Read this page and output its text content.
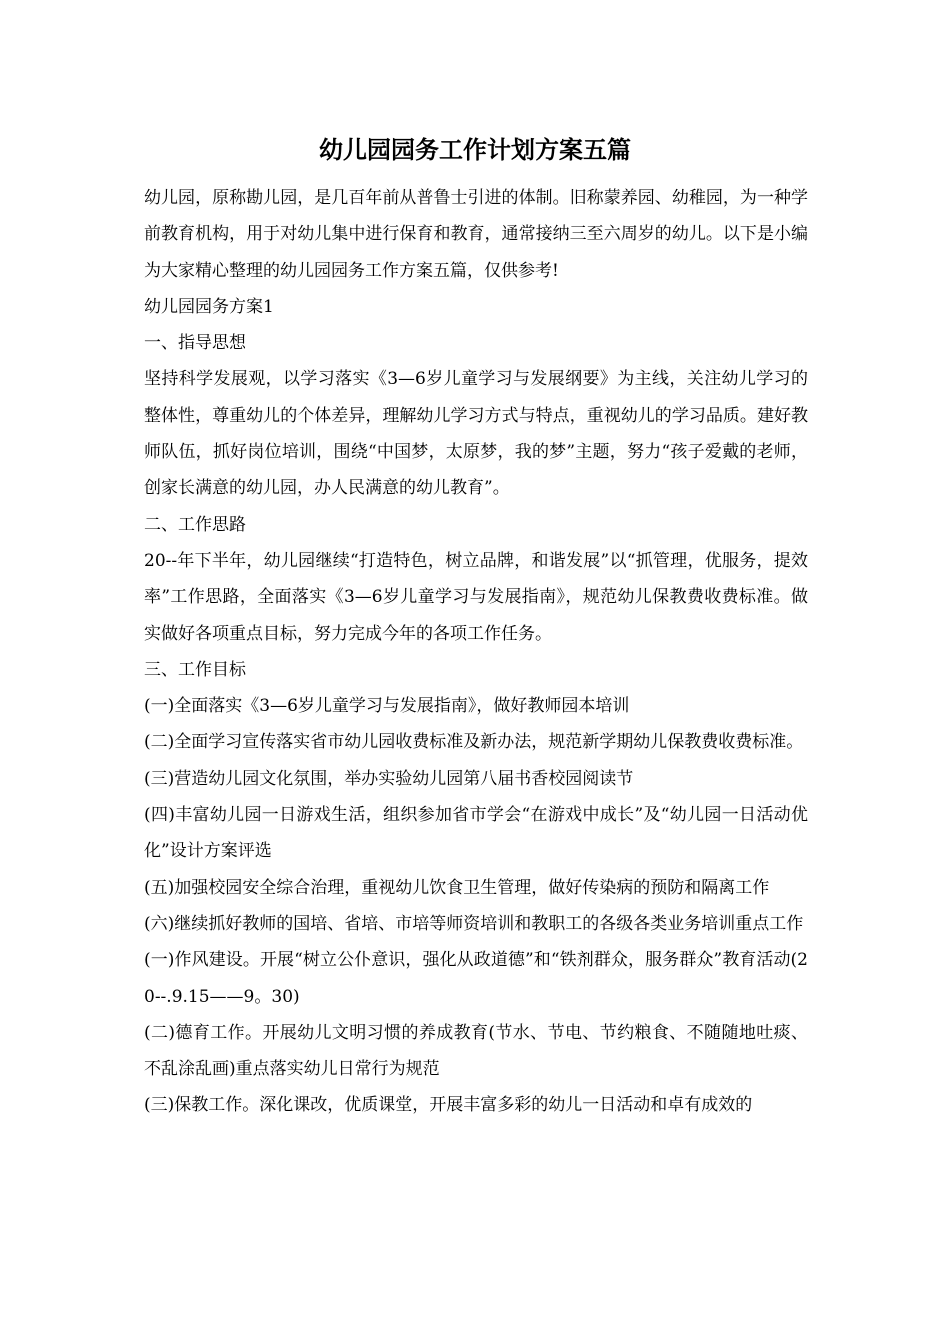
幼儿园园务工作计划方案五篇

幼儿园，原称勘儿园，是几百年前从普鲁士引进的体制。旧称蒙养园、幼稚园，为一种学前教育机构，用于对幼儿集中进行保育和教育，通常接纳三至六周岁的幼儿。以下是小编为大家精心整理的幼儿园园务工作方案五篇，仅供参考!

幼儿园园务方案1

一、指导思想

坚持科学发展观，以学习落实《3—6岁儿童学习与发展纲要》为主线，关注幼儿学习的整体性，尊重幼儿的个体差异，理解幼儿学习方式与特点，重视幼儿的学习品质。建好教师队伍，抓好岗位培训，围绕“中国梦，太原梦，我的梦”主题，努力“孩子爱戴的老师，创家长满意的幼儿园，办人民满意的幼儿教育”。

二、工作思路

20--年下半年，幼儿园继续“打造特色，树立品牌，和谐发展”以“抓管理，优服务，提效率”工作思路，全面落实《3—6岁儿童学习与发展指南》，规范幼儿保教费收费标准。做实做好各项重点目标，努力完成今年的各项工作任务。

三、工作目标

(一)全面落实《3—6岁儿童学习与发展指南》，做好教师园本培训

(二)全面学习宣传落实省市幼儿园收费标准及新办法，规范新学期幼儿保教费收费标准。

(三)营造幼儿园文化氛围，举办实验幼儿园第八届书香校园阅读节

(四)丰富幼儿园一日游戏生活，组织参加省市学会“在游戏中成长”及“幼儿园一日活动优化”设计方案评选

(五)加强校园安全综合治理，重视幼儿饮食卫生管理，做好传染病的预防和隔离工作

(六)继续抓好教师的国培、省培、市培等师资培训和教职工的各级各类业务培训重点工作

(一)作风建设。开展“树立公仆意识，强化从政道德”和“铁剂群众，服务群众”教育活动(20--.9.15——9。30)

(二)德育工作。开展幼儿文明习惯的养成教育(节水、节电、节约粮食、不随随地吐痰、不乱涂乱画)重点落实幼儿日常行为规范

(三)保教工作。深化课改，优质课堂，开展丰富多彩的幼儿一日活动和卓有成效的
